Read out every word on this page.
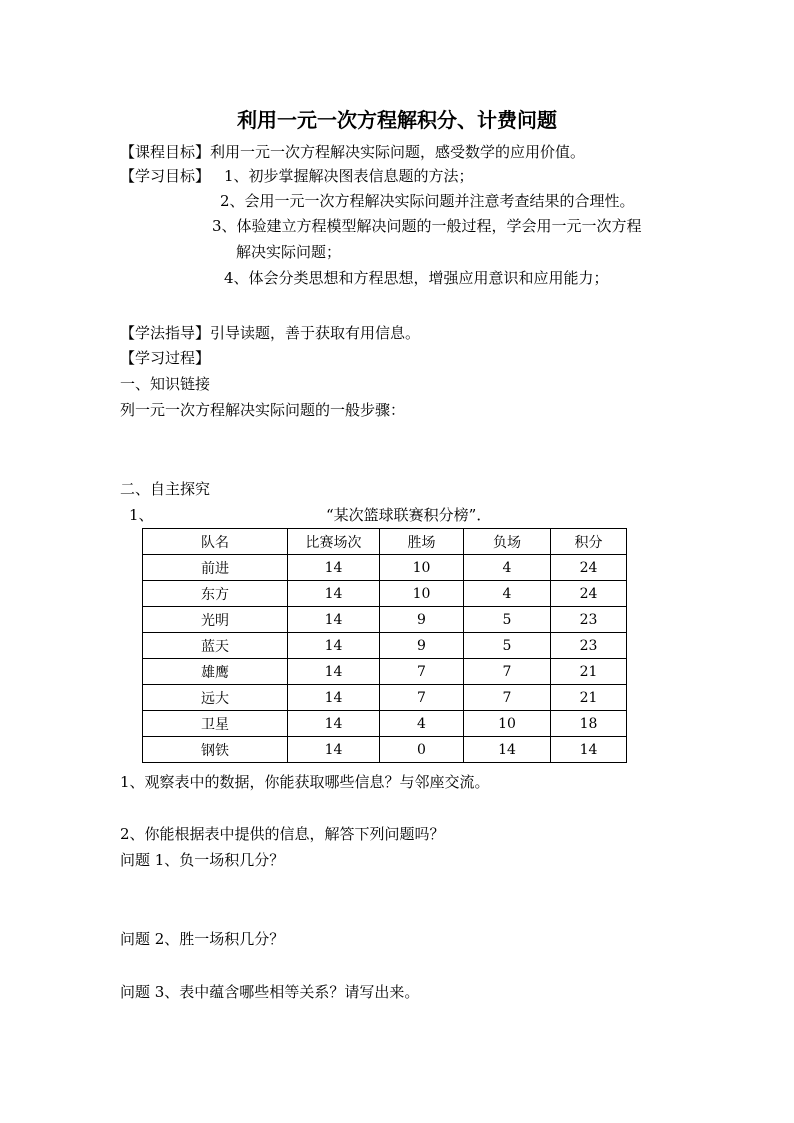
利用一元一次方程解积分、计费问题
【课程目标】利用一元一次方程解决实际问题，感受数学的应用价值。
【学习目标】 1、初步掌握解决图表信息题的方法；
2、会用一元一次方程解决实际问题并注意考查结果的合理性。
3、体验建立方程模型解决问题的一般过程，学会用一元一次方程
解决实际问题；
4、体会分类思想和方程思想，增强应用意识和应用能力；
【学法指导】引导读题，善于获取有用信息。
【学习过程】
一、知识链接
列一元一次方程解决实际问题的一般步骤：
二、自主探究
1、	“某次篮球联赛积分榜”．
队名	比赛场次	胜场	负场	积分
前进	14	10	4	24
东方	14	10	4	24
光明	14	9	5	23
蓝天	14	9	5	23
雄鹰	14	7	7	21
远大	14	7	7	21
卫星	14	4	10	18
钢铁	14	0	14	14
1、观察表中的数据，你能获取哪些信息？与邻座交流。
2、你能根据表中提供的信息，解答下列问题吗？
问题 1、负一场积几分？
问题 2、胜一场积几分？
问题 3、表中蕴含哪些相等关系？请写出来。
